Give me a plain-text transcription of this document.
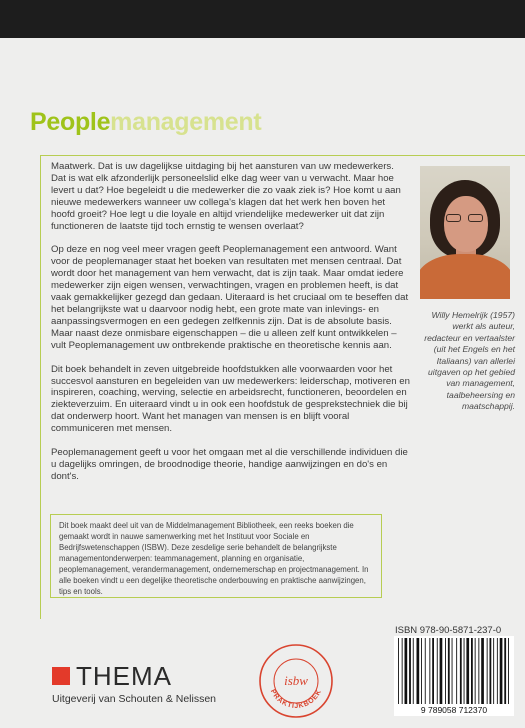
Peoplemanagement

Maatwerk. Dat is uw dagelijkse uitdaging bij het aansturen van uw medewerkers. Dat is wat elk afzonderlijk personeelslid elke dag weer van u verwacht. Maar hoe levert u dat? Hoe begeleidt u die medewerker die zo vaak ziek is? Hoe komt u aan nieuwe medewerkers wanneer uw collega's klagen dat het werk hen boven het hoofd groeit? Hoe legt u die loyale en altijd vriendelijke medewerker uit dat zijn functioneren de laatste tijd toch ernstig te wensen overlaat?

Op deze en nog veel meer vragen geeft Peoplemanagement een antwoord. Want voor de peoplemanager staat het boeken van resultaten met mensen centraal. Dat wordt door het management van hem verwacht, dat is zijn taak. Maar omdat iedere medewerker zijn eigen wensen, verwachtingen, vragen en problemen heeft, is dat vaak gemakkelijker gezegd dan gedaan. Uiteraard is het cruciaal om te beseffen dat het belangrijkste wat u daarvoor nodig hebt, een grote mate van inlevings- en aanpassingsvermogen en een gedegen zelfkennis zijn. Dat is de absolute basis. Maar naast deze onmisbare eigenschappen – die u alleen zelf kunt ontwikkelen – vult Peoplemanagement uw ontbrekende praktische en theoretische kennis aan.

Dit boek behandelt in zeven uitgebreide hoofdstukken alle voorwaarden voor het succesvol aansturen en begeleiden van uw medewerkers: leiderschap, motiveren en inspireren, coaching, werving, selectie en arbeidsrecht, functioneren, beoordelen en ziekteverzuim. En uiteraard vindt u in ook een hoofdstuk de gesprekstechniek die bij dat onderwerp hoort. Want het managen van mensen is en blijft vooral communiceren met mensen.

Peoplemanagement geeft u voor het omgaan met al die verschillende individuen die u dagelijks omringen, de broodnodige theorie, handige aanwijzingen en do's en dont's.

Willy Hemelrijk (1957) werkt als auteur, redacteur en vertaalster (uit het Engels en het Italiaans) van allerlei uitgaven op het gebied van management, taalbeheersing en maatschappij.
Dit boek maakt deel uit van de Middelmanagement Bibliotheek, een reeks boeken die gemaakt wordt in nauwe samenwerking met het Instituut voor Sociale en Bedrijfswetenschappen (ISBW). Deze zesdelige serie behandelt de belangrijkste managementonderwerpen: teammanagement, planning en organisatie, peoplemanagement, verandermanagement, ondernemerschap en projectmanagement. In alle boeken vindt u een degelijke theoretische onderbouwing en praktische aanwijzingen, tips en tools.
THEMA
Uitgeverij van Schouten & Nelissen
isbw
PRAKTIJKBOEK
ISBN 978-90-5871-237-0
9 789058 712370
